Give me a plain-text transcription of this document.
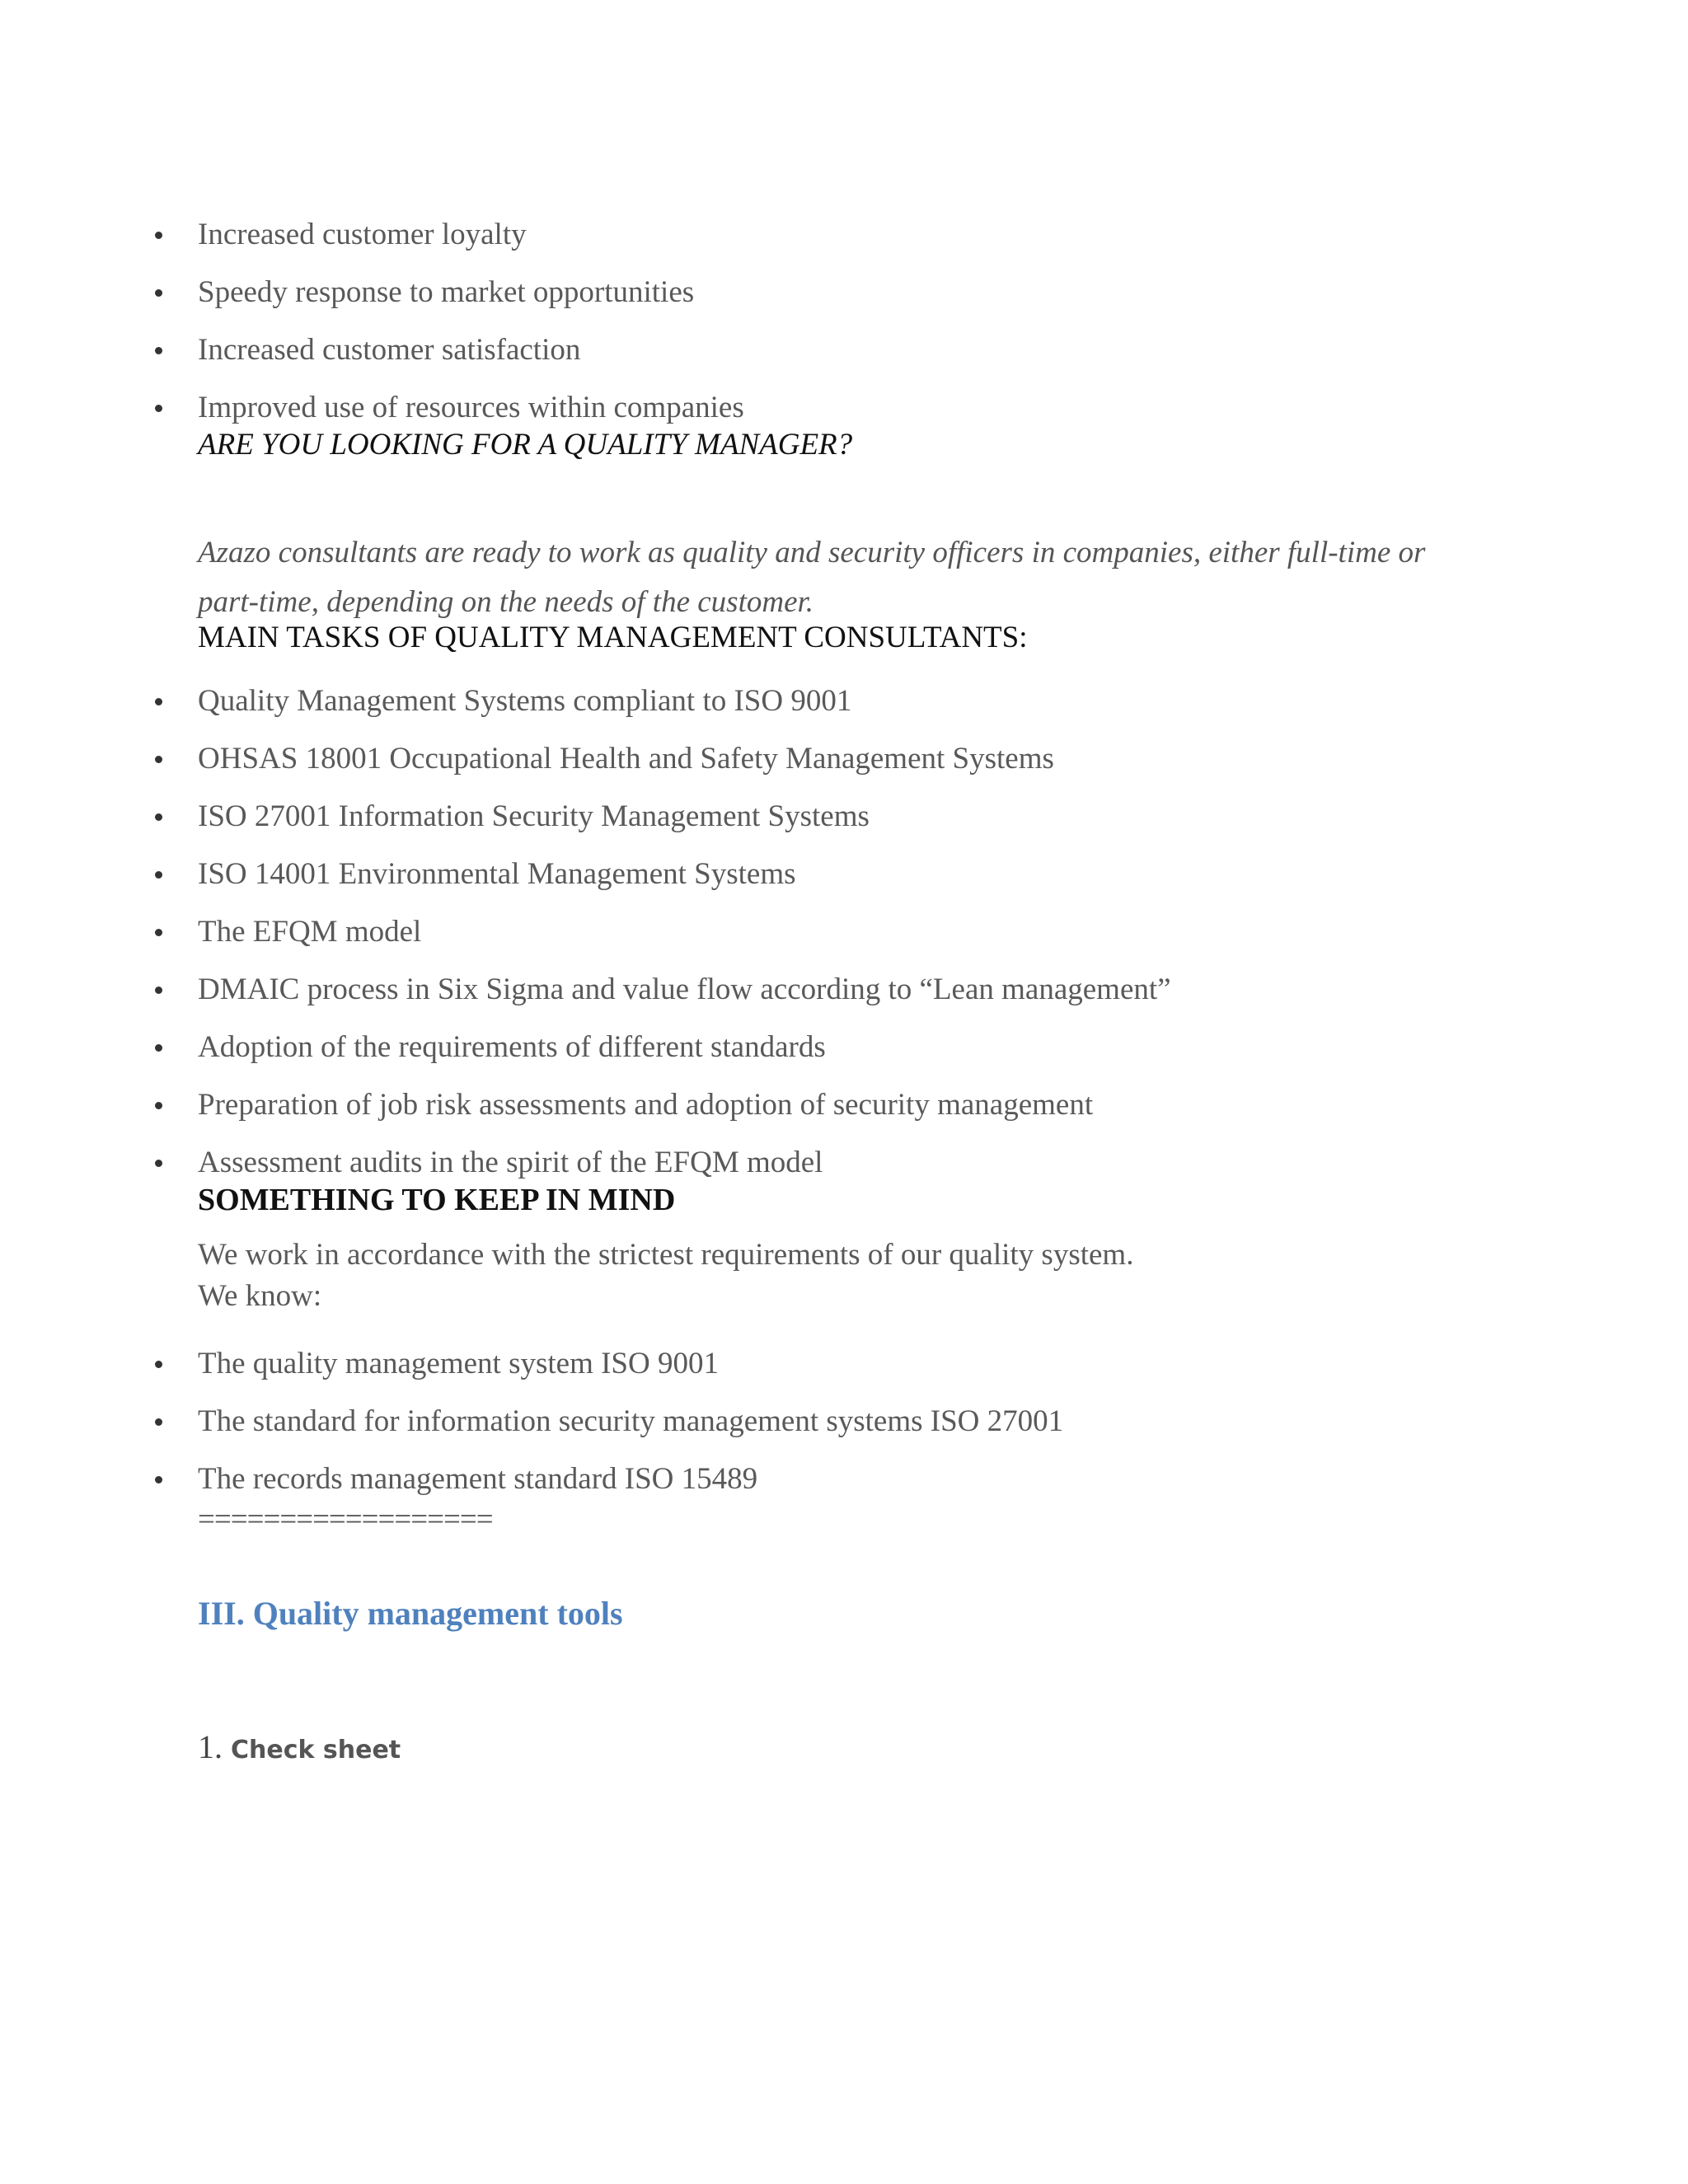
Increased customer loyalty
Speedy response to market opportunities
Increased customer satisfaction
Improved use of resources within companies
ARE YOU LOOKING FOR A QUALITY MANAGER?
Azazo consultants are ready to work as quality and security officers in companies, either full-time or part-time, depending on the needs of the customer.
MAIN TASKS OF QUALITY MANAGEMENT CONSULTANTS:
Quality Management Systems compliant to ISO 9001
OHSAS 18001 Occupational Health and Safety Management Systems
ISO 27001 Information Security Management Systems
ISO 14001 Environmental Management Systems
The EFQM model
DMAIC process in Six Sigma and value flow according to “Lean management”
Adoption of the requirements of different standards
Preparation of job risk assessments and adoption of security management
Assessment audits in the spirit of the EFQM model
SOMETHING TO KEEP IN MIND
We work in accordance with the strictest requirements of our quality system.
We know:
The quality management system ISO 9001
The standard for information security management systems ISO 27001
The records management standard ISO 15489
==================
III. Quality management tools
1. Check sheet
